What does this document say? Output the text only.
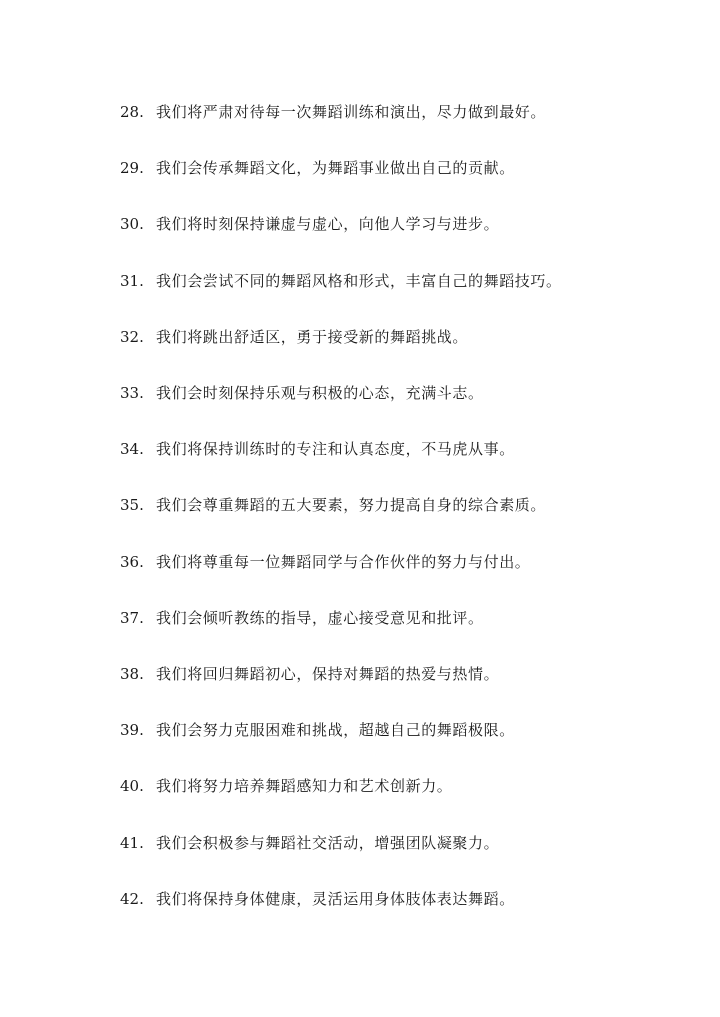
28. 我们将严肃对待每一次舞蹈训练和演出，尽力做到最好。
29. 我们会传承舞蹈文化，为舞蹈事业做出自己的贡献。
30. 我们将时刻保持谦虚与虚心，向他人学习与进步。
31. 我们会尝试不同的舞蹈风格和形式，丰富自己的舞蹈技巧。
32. 我们将跳出舒适区，勇于接受新的舞蹈挑战。
33. 我们会时刻保持乐观与积极的心态，充满斗志。
34. 我们将保持训练时的专注和认真态度，不马虎从事。
35. 我们会尊重舞蹈的五大要素，努力提高自身的综合素质。
36. 我们将尊重每一位舞蹈同学与合作伙伴的努力与付出。
37. 我们会倾听教练的指导，虚心接受意见和批评。
38. 我们将回归舞蹈初心，保持对舞蹈的热爱与热情。
39. 我们会努力克服困难和挑战，超越自己的舞蹈极限。
40. 我们将努力培养舞蹈感知力和艺术创新力。
41. 我们会积极参与舞蹈社交活动，增强团队凝聚力。
42. 我们将保持身体健康，灵活运用身体肢体表达舞蹈。
